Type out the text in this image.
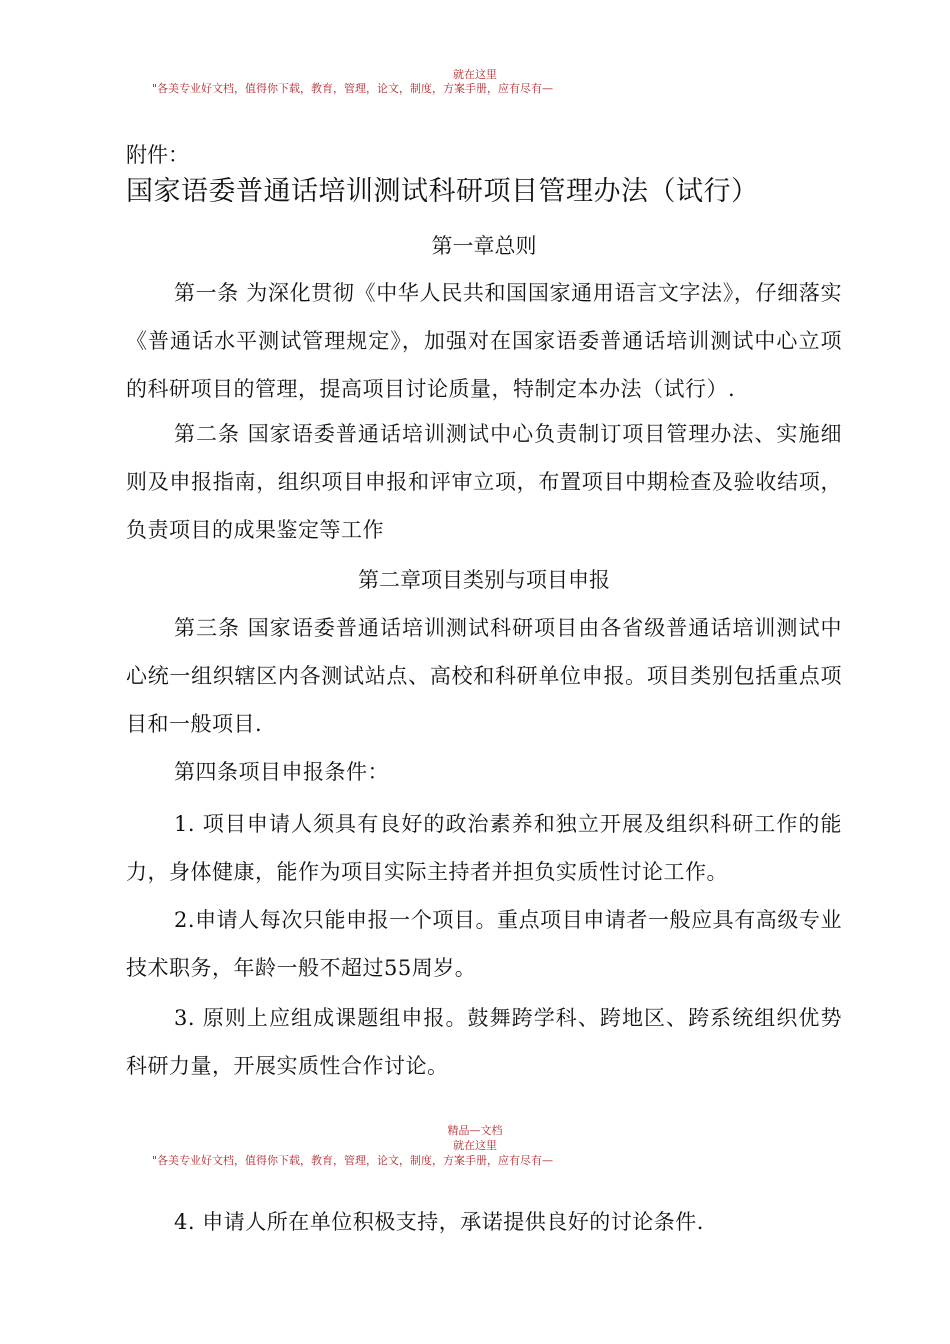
就在这里
"各美专业好文档，值得你下载，教育，管理，论文，制度，方案手册，应有尽有—
附件：
国家语委普通话培训测试科研项目管理办法（试行）
第一章总则
第一条 为深化贯彻《中华人民共和国国家通用语言文字法》，仔细落实《普通话水平测试管理规定》，加强对在国家语委普通话培训测试中心立项的科研项目的管理，提高项目讨论质量，特制定本办法（试行）.
第二条 国家语委普通话培训测试中心负责制订项目管理办法、实施细则及申报指南，组织项目申报和评审立项，布置项目中期检查及验收结项，负责项目的成果鉴定等工作
第二章项目类别与项目申报
第三条 国家语委普通话培训测试科研项目由各省级普通话培训测试中心统一组织辖区内各测试站点、高校和科研单位申报。项目类别包括重点项目和一般项目.
第四条项目申报条件：
1. 项目申请人须具有良好的政治素养和独立开展及组织科研工作的能力，身体健康，能作为项目实际主持者并担负实质性讨论工作。
2.申请人每次只能申报一个项目。重点项目申请者一般应具有高级专业技术职务，年龄一般不超过55周岁。
3. 原则上应组成课题组申报。鼓舞跨学科、跨地区、跨系统组织优势科研力量，开展实质性合作讨论。
精品—文档
就在这里
"各美专业好文档，值得你下载，教育，管理，论文，制度，方案手册，应有尽有—
4. 申请人所在单位积极支持，承诺提供良好的讨论条件.
